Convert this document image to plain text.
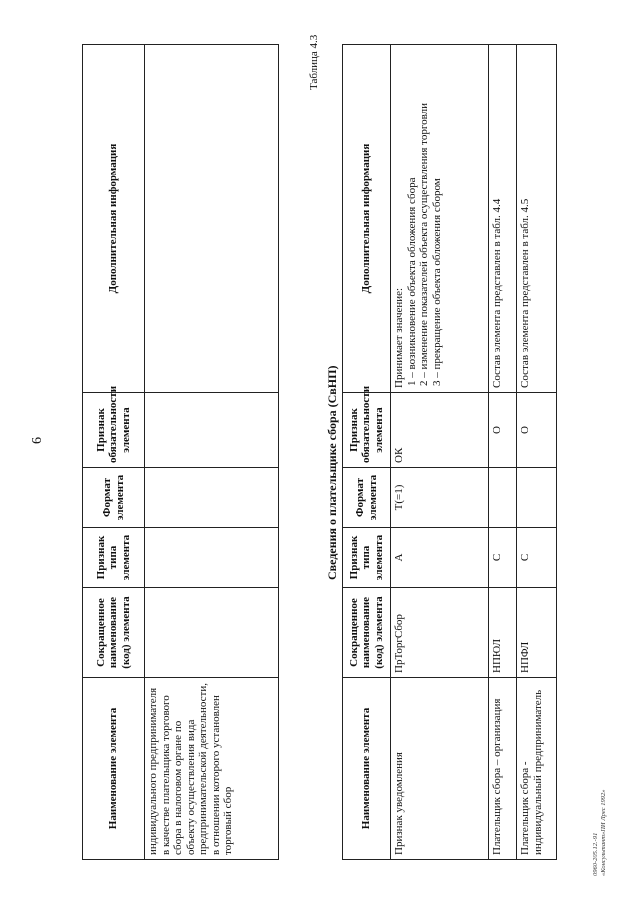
6
Наименование элемента	Сокращенное наименование (код) элемента	Признак типа элемента	Формат элемента	Признак обязательности элемента	Дополнительная информация
индивидуального предпринимателя в качестве плательщика торгового сбора в налоговом органе по объекту осуществления вида предпринимательской деятельности, в отношении которого установлен торговый сбор					
Таблица 4.3
Сведения о плательщике сбора (СвНП)
Наименование элемента	Сокращенное наименование (код) элемента	Признак типа элемента	Формат элемента	Признак обязательности элемента	Дополнительная информация
Признак уведомления	ПрТоргСбор	А	Т(=1)	ОК	Принимает значение: 1 – возникновение объекта обложения сбора 2 – изменение показателей объекта осуществления торговли 3 – прекращение объекта обложения сбором

Плательщик сбора – организация	НПЮЛ	С		О	Состав элемента представлен в табл. 4.4
Плательщик сбора - индивидуальный предприниматель	НПФЛ	С		О	Состав элемента представлен в табл. 4.5
0960-205.12.-91 «Консультант»ПИ Лрес 1992»
